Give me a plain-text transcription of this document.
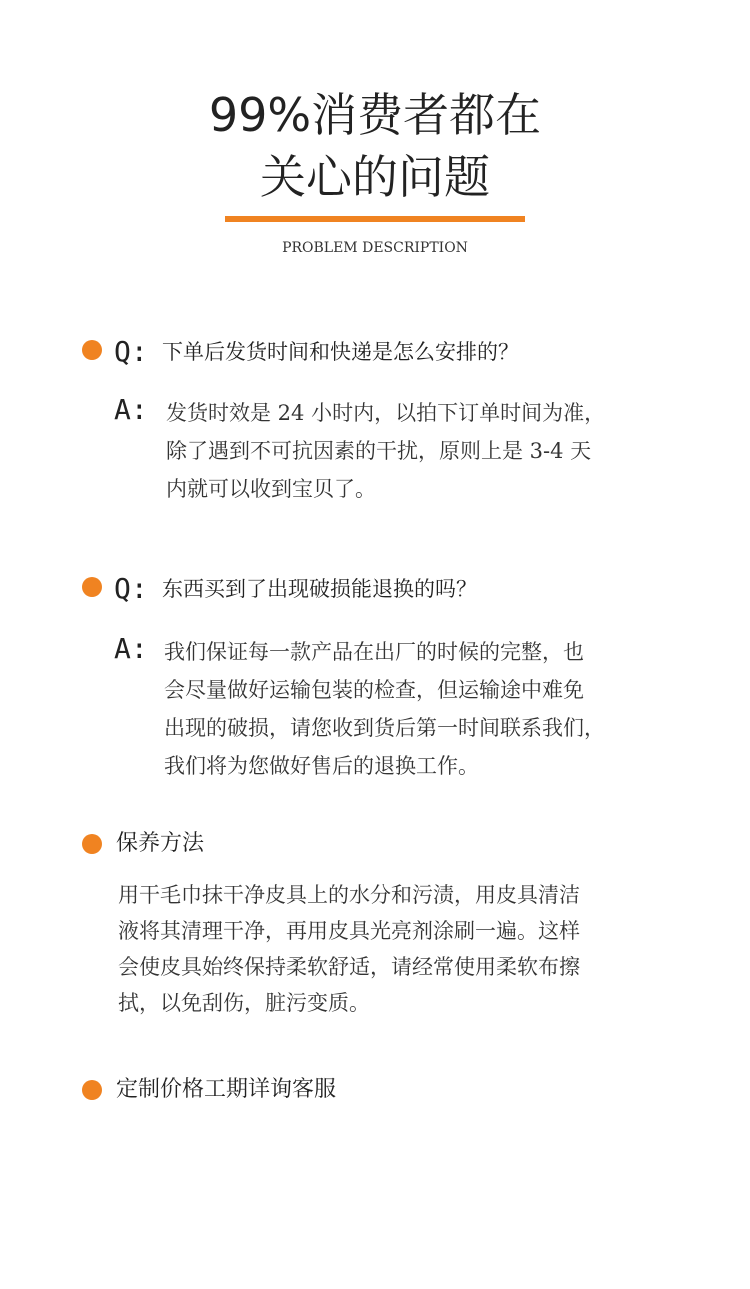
99%消费者都在
关心的问题
PROBLEM DESCRIPTION
Q: 下单后发货时间和快递是怎么安排的？
A: 发货时效是 24 小时内，以拍下订单时间为准，
除了遇到不可抗因素的干扰，原则上是 3-4 天
内就可以收到宝贝了。
Q: 东西买到了出现破损能退换的吗？
A: 我们保证每一款产品在出厂的时候的完整，也
会尽量做好运输包装的检查，但运输途中难免
出现的破损，请您收到货后第一时间联系我们，
我们将为您做好售后的退换工作。
保养方法
用干毛巾抹干净皮具上的水分和污渍，用皮具清洁
液将其清理干净，再用皮具光亮剂涂刷一遍。这样
会使皮具始终保持柔软舒适，请经常使用柔软布擦
拭，以免刮伤，脏污变质。
定制价格工期详询客服
